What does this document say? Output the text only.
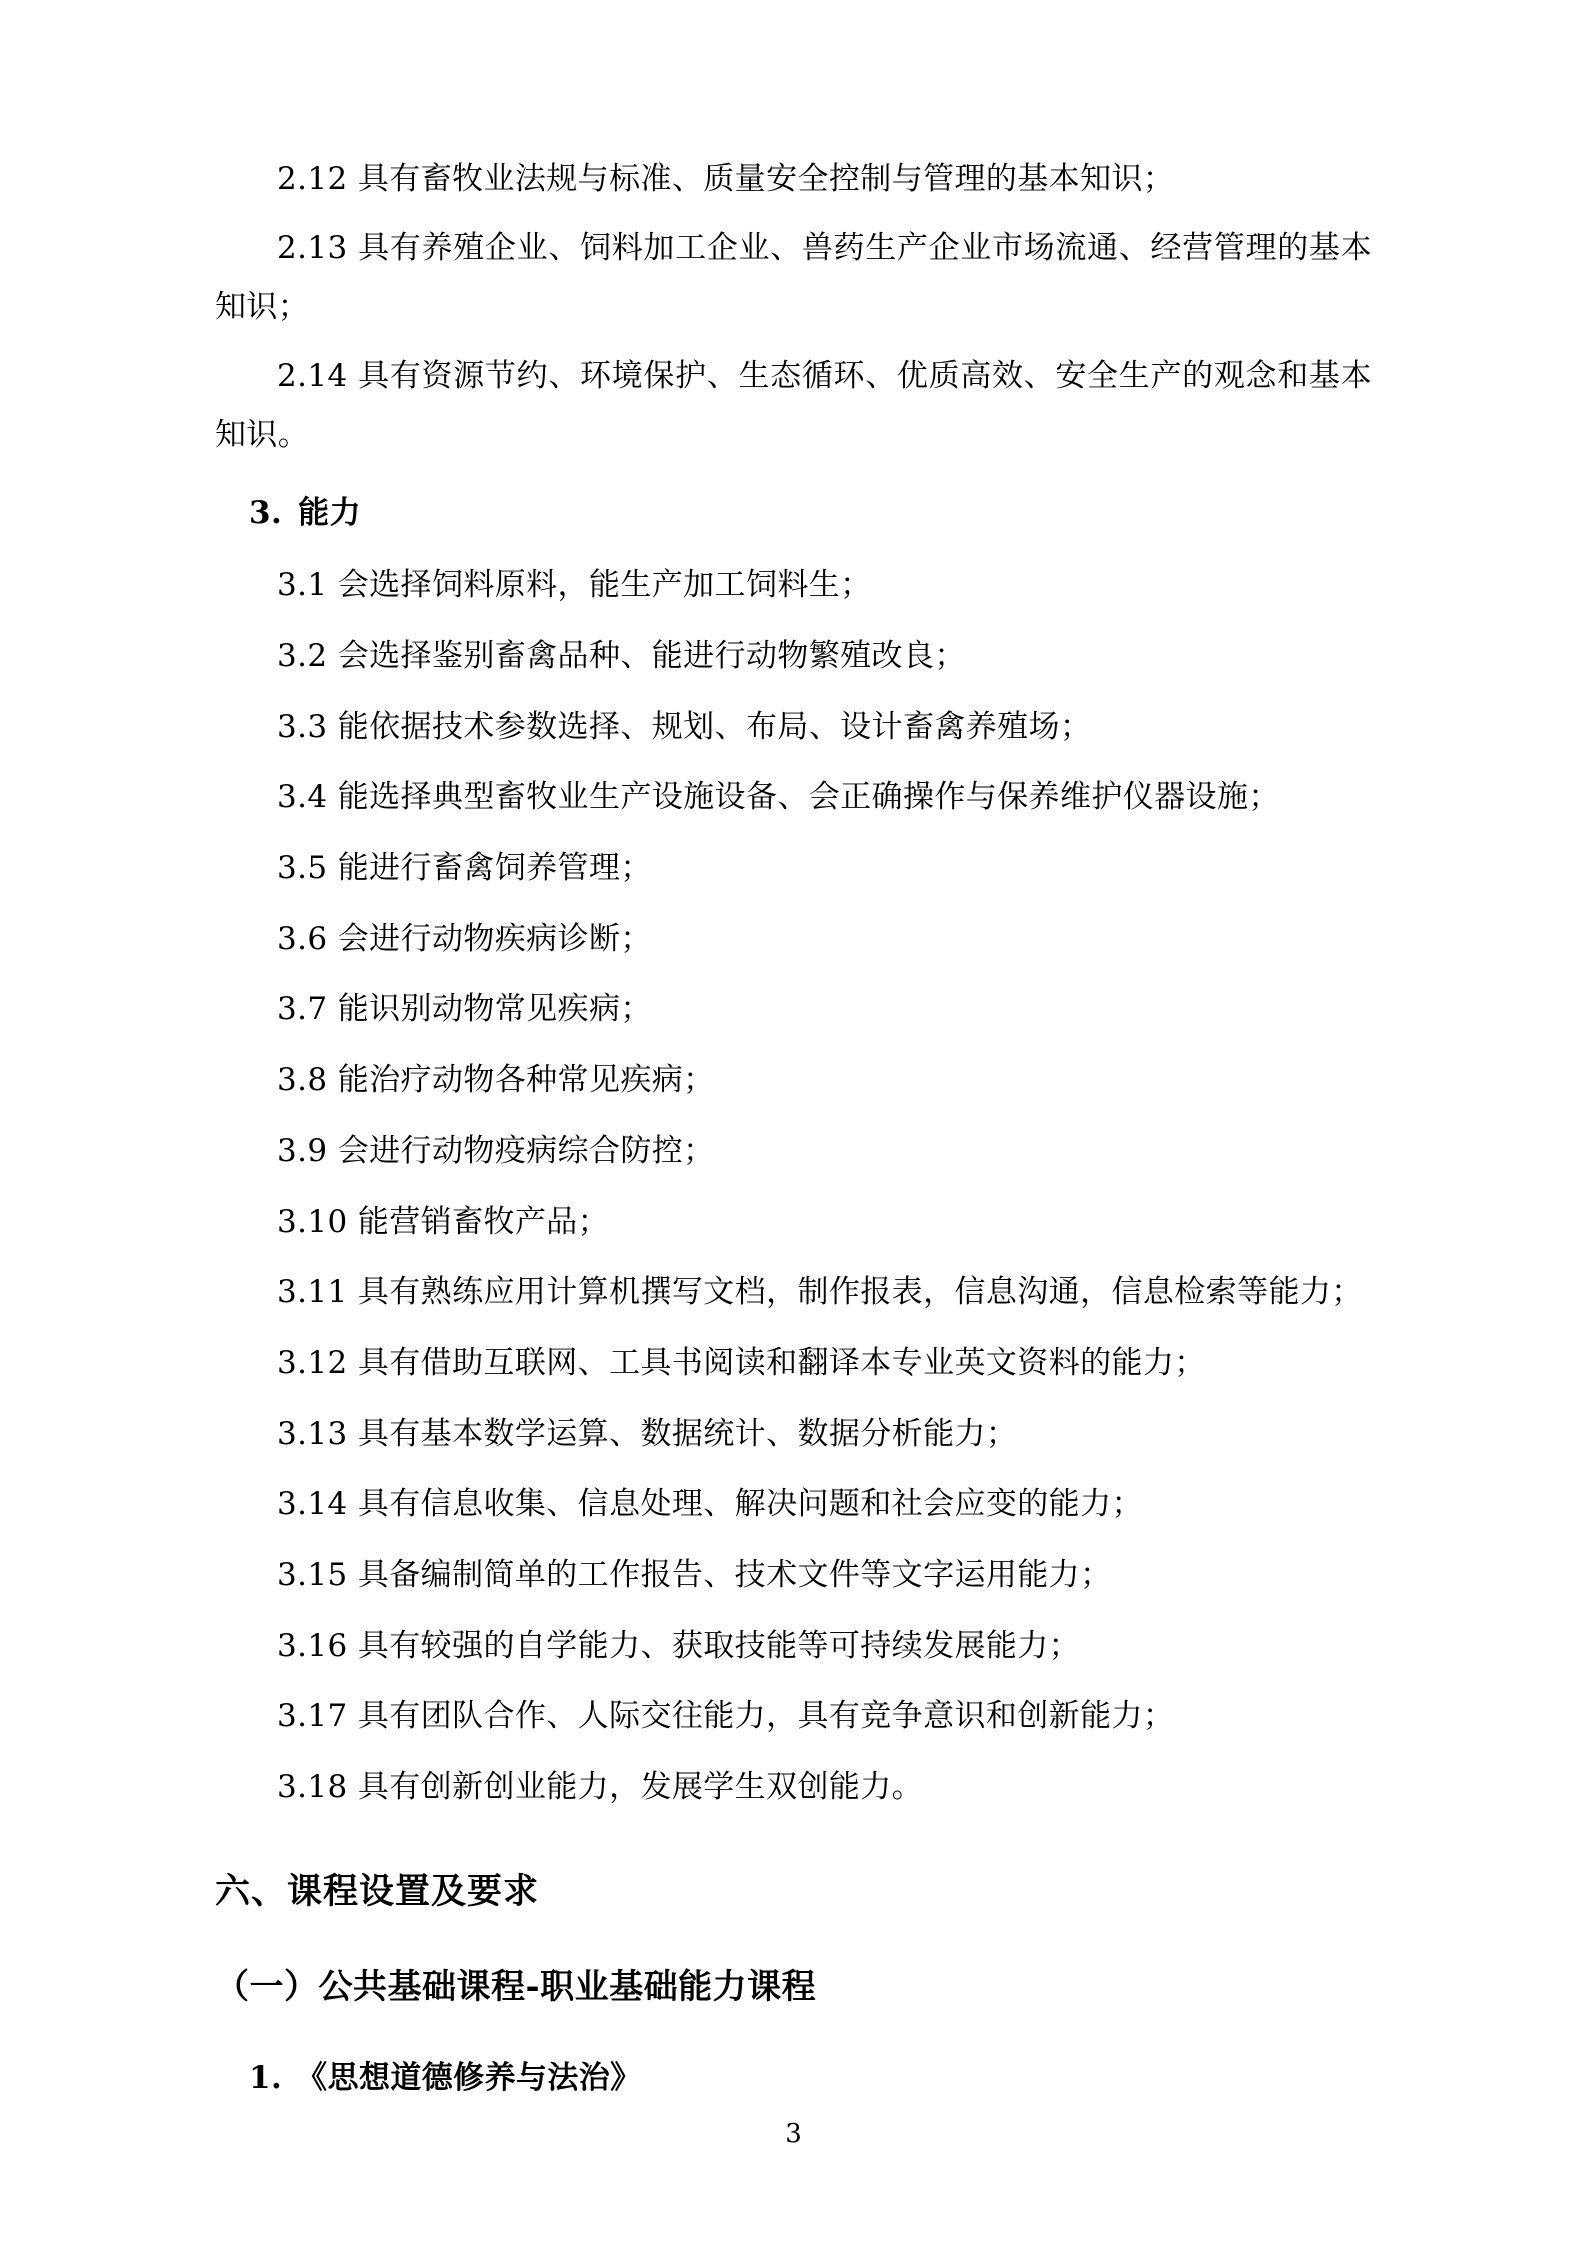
2.12 具有畜牧业法规与标准、质量安全控制与管理的基本知识；

2.13 具有养殖企业、饲料加工企业、兽药生产企业市场流通、经营管理的基本知识；

2.14 具有资源节约、环境保护、生态循环、优质高效、安全生产的观念和基本知识。

3. 能力

3.1 会选择饲料原料，能生产加工饲料生；

3.2 会选择鉴别畜禽品种、能进行动物繁殖改良；

3.3 能依据技术参数选择、规划、布局、设计畜禽养殖场；

3.4 能选择典型畜牧业生产设施设备、会正确操作与保养维护仪器设施；

3.5 能进行畜禽饲养管理；

3.6 会进行动物疾病诊断；

3.7 能识别动物常见疾病；

3.8 能治疗动物各种常见疾病；

3.9 会进行动物疫病综合防控；

3.10 能营销畜牧产品；

3.11 具有熟练应用计算机撰写文档，制作报表，信息沟通，信息检索等能力；

3.12 具有借助互联网、工具书阅读和翻译本专业英文资料的能力；

3.13 具有基本数学运算、数据统计、数据分析能力；

3.14 具有信息收集、信息处理、解决问题和社会应变的能力；

3.15 具备编制简单的工作报告、技术文件等文字运用能力；

3.16 具有较强的自学能力、获取技能等可持续发展能力；

3.17 具有团队合作、人际交往能力，具有竞争意识和创新能力；

3.18 具有创新创业能力，发展学生双创能力。

六、课程设置及要求

（一）公共基础课程-职业基础能力课程

1. 《思想道德修养与法治》

3
